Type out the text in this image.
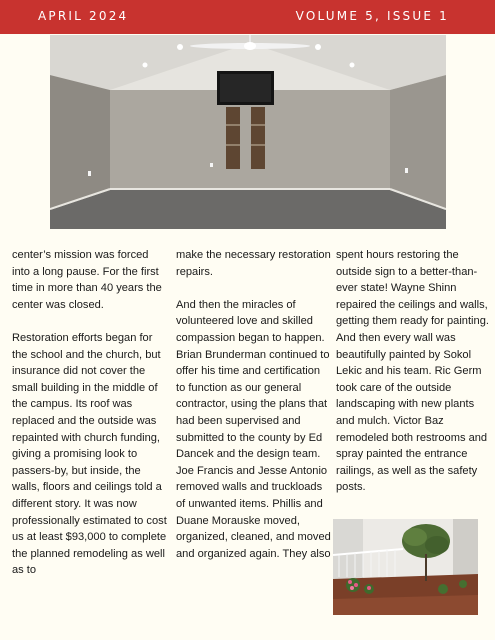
APRIL 2024	VOLUME 5, ISSUE 1

center’s mission was forced into a long pause. For the first time in more than 40 years the center was closed.

Restoration efforts began for the school and the church, but insurance did not cover the small building in the middle of the campus. Its roof was replaced and the outside was repainted with church funding, giving a promising look to passers-by, but inside, the walls, floors and ceilings told a different story. It was now professionally estimated to cost us at least $93,000 to complete the planned remodeling as well as to

make the necessary restoration repairs.

And then the miracles of volunteered love and skilled compassion began to happen. Brian Brunderman continued to offer his time and certification to function as our general contractor, using the plans that had been supervised and submitted to the county by Ed Dancek and the design team. Joe Francis and Jesse Antonio removed walls and truckloads of unwanted items. Phillis and Duane Morauske moved, organized, cleaned, and moved and organized again. They also

spent hours restoring the outside sign to a better-than-ever state! Wayne Shinn repaired the ceilings and walls, getting them ready for painting. And then every wall was beautifully painted by Sokol Lekic and his team. Ric Germ took care of the outside landscaping with new plants and mulch. Victor Baz remodeled both restrooms and spray painted the entrance railings, as well as the safety posts.
